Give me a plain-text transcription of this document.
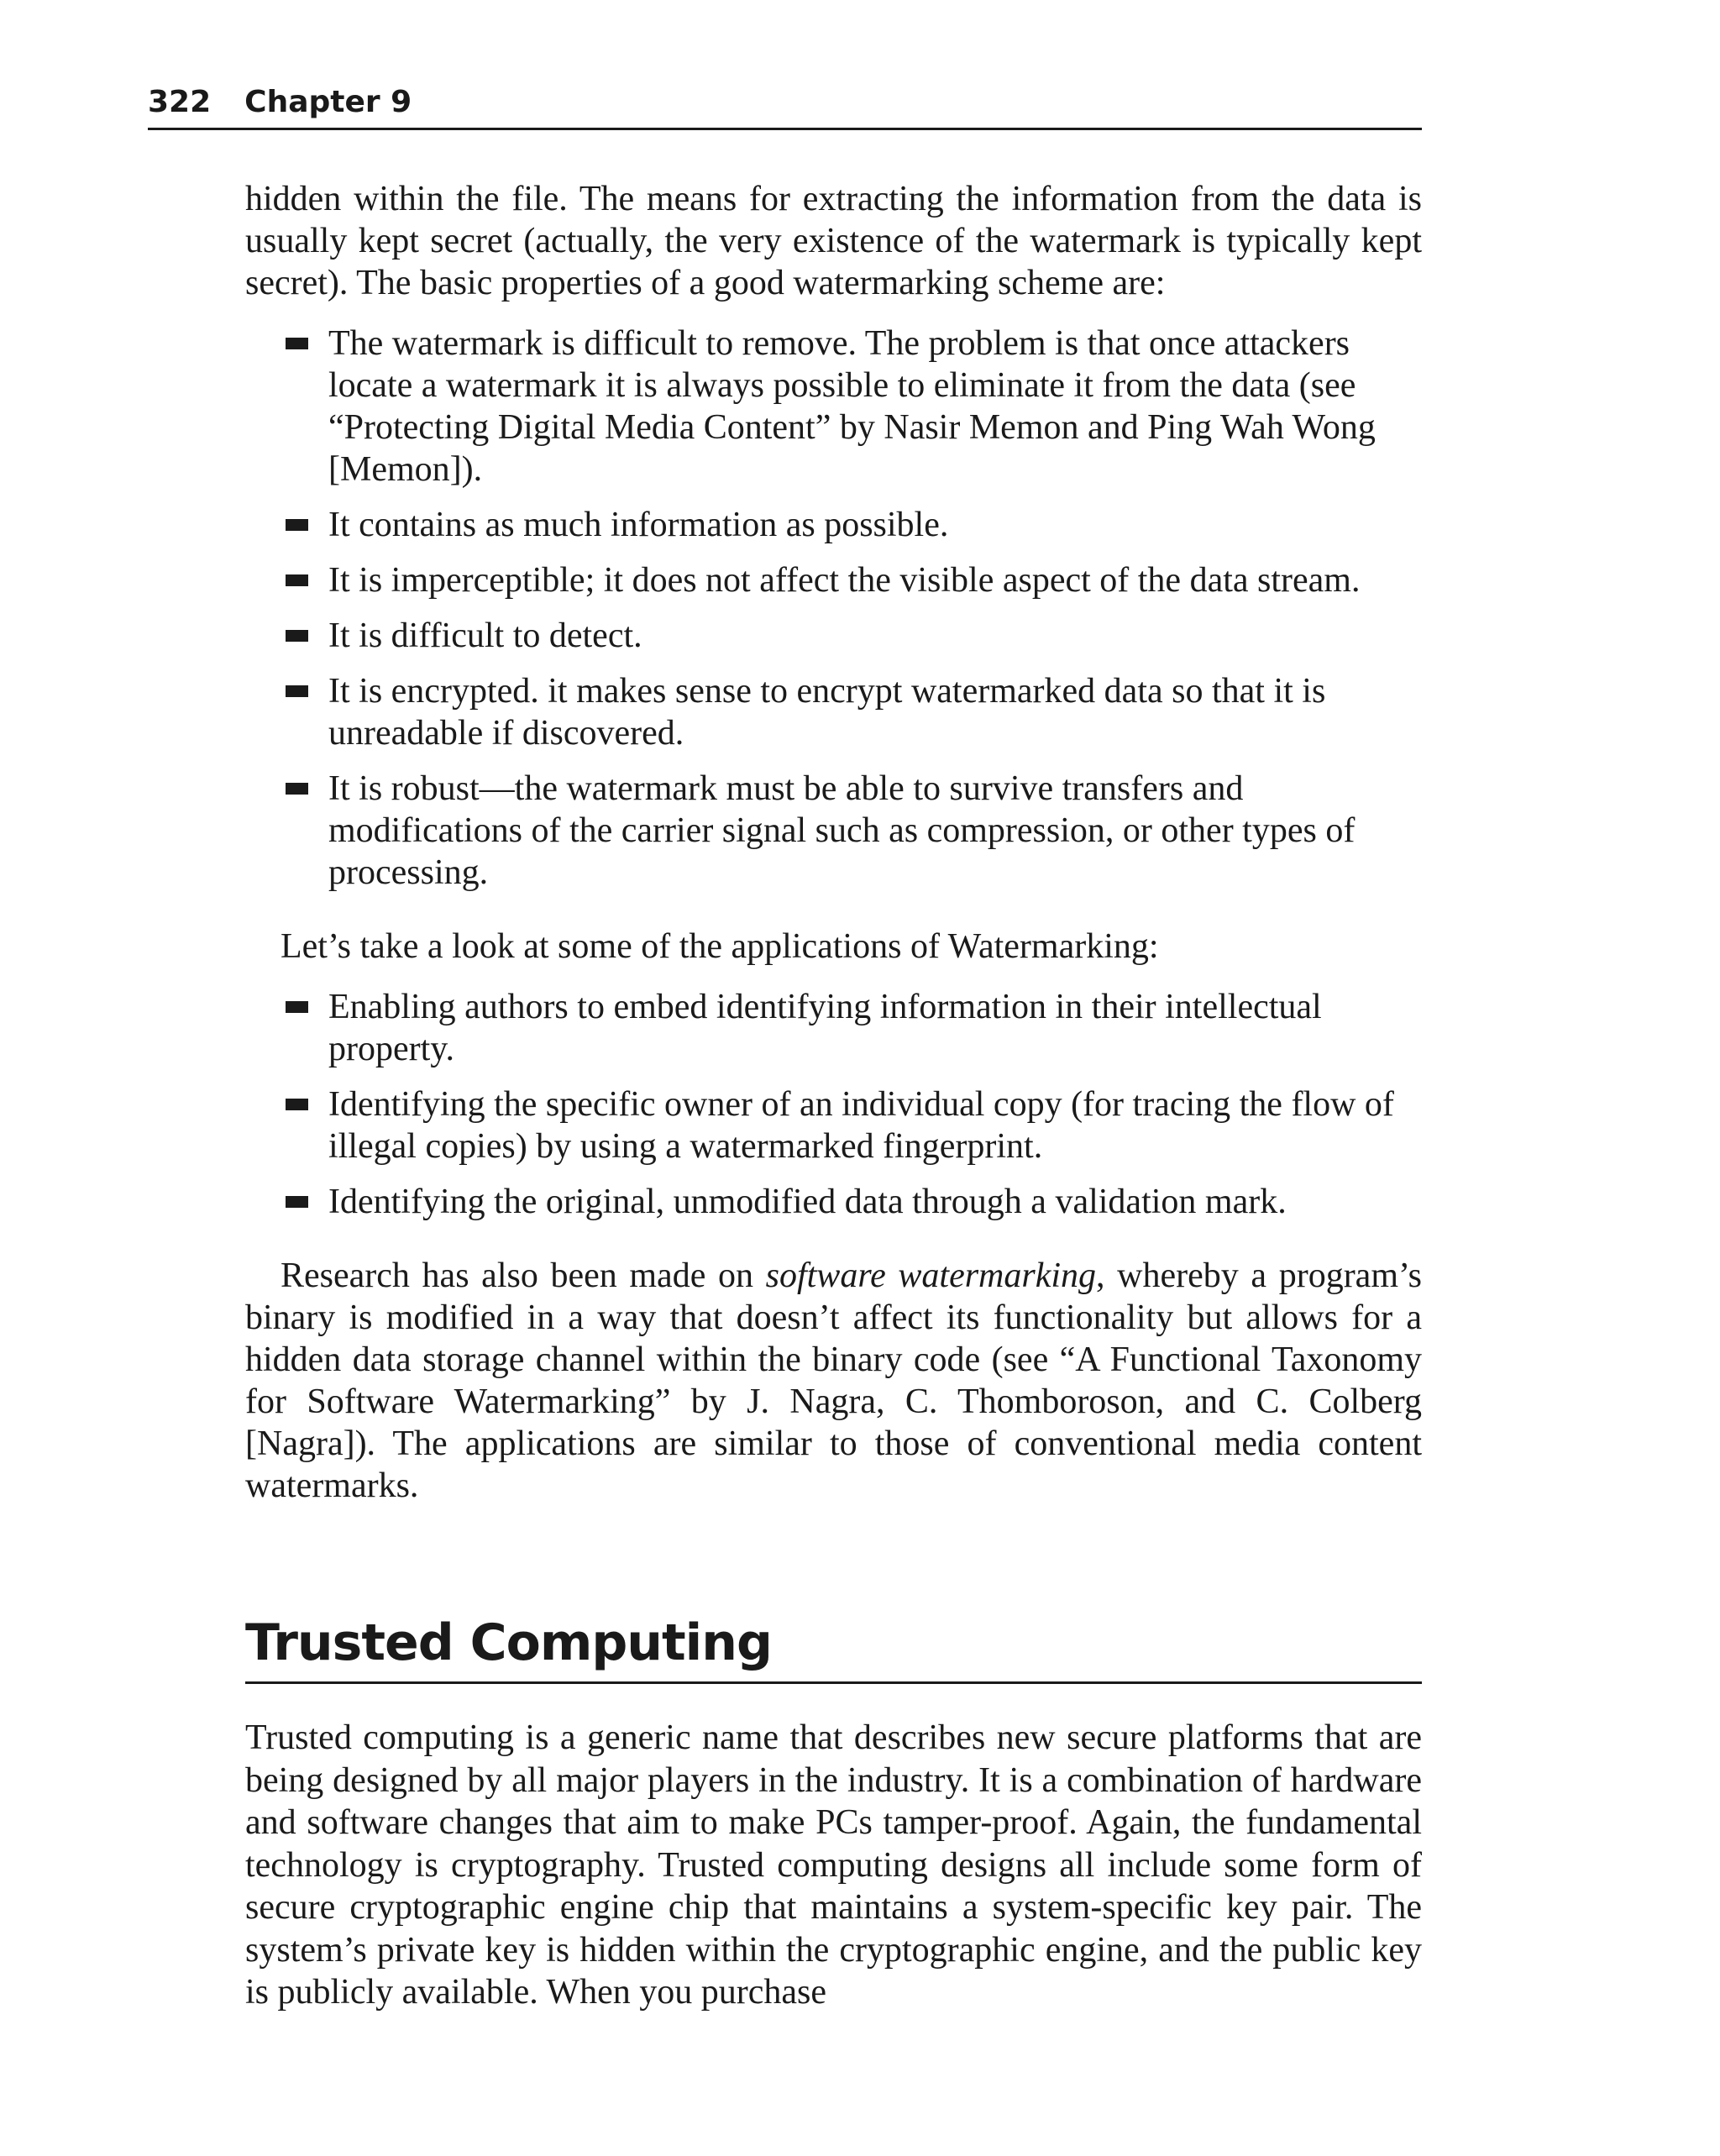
322 Chapter 9

hidden within the file. The means for extracting the information from the data is usually kept secret (actually, the very existence of the watermark is typically kept secret). The basic properties of a good watermarking scheme are:

The watermark is difficult to remove. The problem is that once attackers locate a watermark it is always possible to eliminate it from the data (see “Protecting Digital Media Content” by Nasir Memon and Ping Wah Wong [Memon]).
It contains as much information as possible.
It is imperceptible; it does not affect the visible aspect of the data stream.
It is difficult to detect.
It is encrypted. it makes sense to encrypt watermarked data so that it is unreadable if discovered.
It is robust—the watermark must be able to survive transfers and modifications of the carrier signal such as compression, or other types of processing.

Let’s take a look at some of the applications of Watermarking:

Enabling authors to embed identifying information in their intellectual property.
Identifying the specific owner of an individual copy (for tracing the flow of illegal copies) by using a watermarked fingerprint.
Identifying the original, unmodified data through a validation mark.

Research has also been made on software watermarking, whereby a program’s binary is modified in a way that doesn’t affect its functionality but allows for a hidden data storage channel within the binary code (see “A Functional Taxonomy for Software Watermarking” by J. Nagra, C. Thomboroson, and C. Colberg [Nagra]). The applications are similar to those of conventional media content watermarks.

Trusted Computing

Trusted computing is a generic name that describes new secure platforms that are being designed by all major players in the industry. It is a combination of hardware and software changes that aim to make PCs tamper-proof. Again, the fundamental technology is cryptography. Trusted computing designs all include some form of secure cryptographic engine chip that maintains a system-specific key pair. The system’s private key is hidden within the cryptographic engine, and the public key is publicly available. When you purchase
